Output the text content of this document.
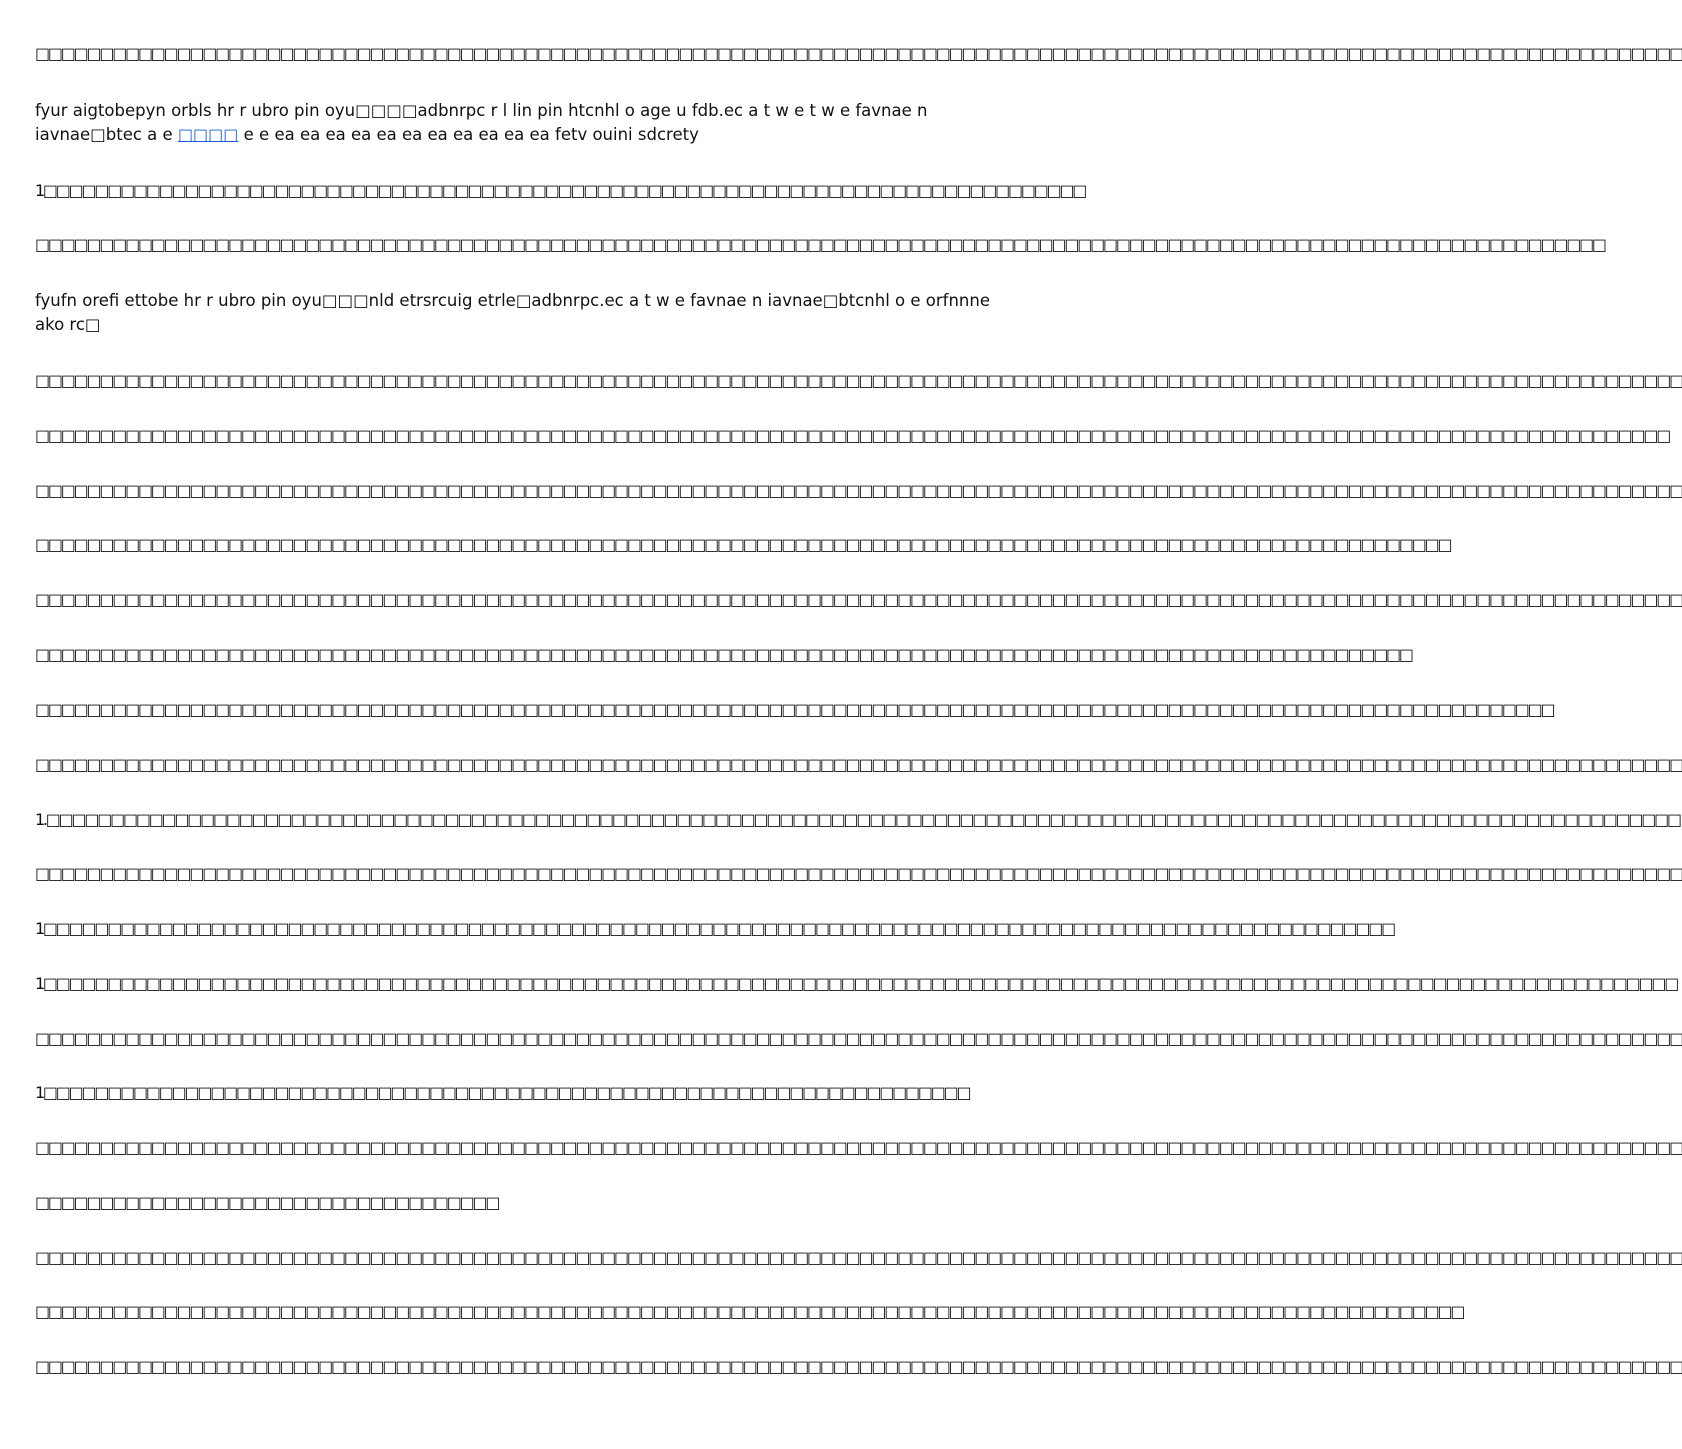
□□□□□□□□□□□□□□□□□□□□□□□□□□□□□□□□□□□□□□□□□□□□□□□□□□□□□□□□□□□□□□□□□□□□□□□□□□□□□□□□□□□□□□□□□□□□□□□□□□□□□□□□□□□□□□□□□□□□□□□□□□□□□□□□
fyur aigtobepyn orbls hr r ubro pin oyu□□□□adbnrpc r l lin pin htcnhl o age u fdb.ec a t w e t w e favnae n iavnae□btec a e □□□□ e e ea ea ea ea ea ea ea ea ea ea ea fetv ouini sdcrety
1□□□□□□□□□□□□□□□□□□□□□□□□□□□□□□□□□□□□□□□□□□□□□□□□□□□□□□□□□□□□□□□□□□□□□□□□□□□□□□□□□
□□□□□□□□□□□□□□□□□□□□□□□□□□□□□□□□□□□□□□□□□□□□□□□□□□□□□□□□□□□□□□□□□□□□□□□□□□□□□□□□□□□□□□□□□□□□□□□□□□□□□□□□□□□□□□□□□□□□□□□□□□
fyufn orefi ettobe hr r ubro pin oyu□□□nld etrsrcuig etrle□adbnrpc.ec a t w e favnae n iavnae□btcnhl o e orfnnne ako rc□
□□□□□□□□□□□□□□□□□□□□□□□□□□□□□□□□□□□□□□□□□□□□□□□□□□□□□□□□□□□□□□□□□□□□□□□□□□□□□□□□□□□□□□□□□□□□□□□□□□□□□□□□□□□□□□□□□□□□□□□□□□□□□□□□
□□□□□□□□□□□□□□□□□□□□□□□□□□□□□□□□□□□□□□□□□□□□□□□□□□□□□□□□□□□□□□□□□□□□□□□□□□□□□□□□□□□□□□□□□□□□□□□□□□□□□□□□□□□□□□□□□□□□□□□□□□□□□□□
□□□□□□□□□□□□□□□□□□□□□□□□□□□□□□□□□□□□□□□□□□□□□□□□□□□□□□□□□□□□□□□□□□□□□□□□□□□□□□□□□□□□□□□□□□□□□□□□□□□□□□□□□□□□□□□□□□□□□□□□□□□□□□□□
□□□□□□□□□□□□□□□□□□□□□□□□□□□□□□□□□□□□□□□□□□□□□□□□□□□□□□□□□□□□□□□□□□□□□□□□□□□□□□□□□□□□□□□□□□□□□□□□□□□□□□□□□□□□□□
□□□□□□□□□□□□□□□□□□□□□□□□□□□□□□□□□□□□□□□□□□□□□□□□□□□□□□□□□□□□□□□□□□□□□□□□□□□□□□□□□□□□□□□□□□□□□□□□□□□□□□□□□□□□□□□□□□□□□□□□□□□□□□□□
□□□□□□□□□□□□□□□□□□□□□□□□□□□□□□□□□□□□□□□□□□□□□□□□□□□□□□□□□□□□□□□□□□□□□□□□□□□□□□□□□□□□□□□□□□□□□□□□□□□□□□□□□□□
□□□□□□□□□□□□□□□□□□□□□□□□□□□□□□□□□□□□□□□□□□□□□□□□□□□□□□□□□□□□□□□□□□□□□□□□□□□□□□□□□□□□□□□□□□□□□□□□□□□□□□□□□□□□□□□□□□□□□□
□□□□□□□□□□□□□□□□□□□□□□□□□□□□□□□□□□□□□□□□□□□□□□□□□□□□□□□□□□□□□□□□□□□□□□□□□□□□□□□□□□□□□□□□□□□□□□□□□□□□□□□□□□□□□□□□□□□□□□□□□□□□□□□□
1.□□□□□□□□□□□□□□□□□□□□□□□□□□□□□□□□□□□□□□□□□□□□□□□□□□□□□□□□□□□□□□□□□□□□□□□□□□□□□□□□□□□□□□□□□□□□□□□□□□□□□□□□□□□□□□□□□□□□□□□□□□□□□□□
□□□□□□□□□□□□□□□□□□□□□□□□□□□□□□□□□□□□□□□□□□□□□□□□□□□□□□□□□□□□□□□□□□□□□□□□□□□□□□□□□□□□□□□□□□□□□□□□□□□□□□□□□□□□□□□□□□□□□□□□□□□□□□□□
1□□□□□□□□□□□□□□□□□□□□□□□□□□□□□□□□□□□□□□□□□□□□□□□□□□□□□□□□□□□□□□□□□□□□□□□□□□□□□□□□□□□□□□□□□□□□□□□□□□□□□□□□□
1□□□□□□□□□□□□□□□□□□□□□□□□□□□□□□□□□□□□□□□□□□□□□□□□□□□□□□□□□□□□□□□□□□□□□□□□□□□□□□□□□□□□□□□□□□□□□□□□□□□□□□□□□□□□□□□□□□□□□□□□□□□□□□□
□□□□□□□□□□□□□□□□□□□□□□□□□□□□□□□□□□□□□□□□□□□□□□□□□□□□□□□□□□□□□□□□□□□□□□□□□□□□□□□□□□□□□□□□□□□□□□□□□□□□□□□□□□□□□□□□□□□□□□□□□□□□□□□□
1□□□□□□□□□□□□□□□□□□□□□□□□□□□□□□□□□□□□□□□□□□□□□□□□□□□□□□□□□□□□□□□□□□□□□□□□
□□□□□□□□□□□□□□□□□□□□□□□□□□□□□□□□□□□□□□□□□□□□□□□□□□□□□□□□□□□□□□□□□□□□□□□□□□□□□□□□□□□□□□□□□□□□□□□□□□□□□□□□□□□□□□□□□□□□□□□□□□□□□□□□
□□□□□□□□□□□□□□□□□□□□□□□□□□□□□□□□□□□□
□□□□□□□□□□□□□□□□□□□□□□□□□□□□□□□□□□□□□□□□□□□□□□□□□□□□□□□□□□□□□□□□□□□□□□□□□□□□□□□□□□□□□□□□□□□□□□□□□□□□□□□□□□□□□□□□□□□□□□□□□□□□□□□□
□□□□□□□□□□□□□□□□□□□□□□□□□□□□□□□□□□□□□□□□□□□□□□□□□□□□□□□□□□□□□□□□□□□□□□□□□□□□□□□□□□□□□□□□□□□□□□□□□□□□□□□□□□□□□□□
□□□□□□□□□□□□□□□□□□□□□□□□□□□□□□□□□□□□□□□□□□□□□□□□□□□□□□□□□□□□□□□□□□□□□□□□□□□□□□□□□□□□□□□□□□□□□□□□□□□□□□□□□□□□□□□□□□□□□□□□□□□□□□□□
